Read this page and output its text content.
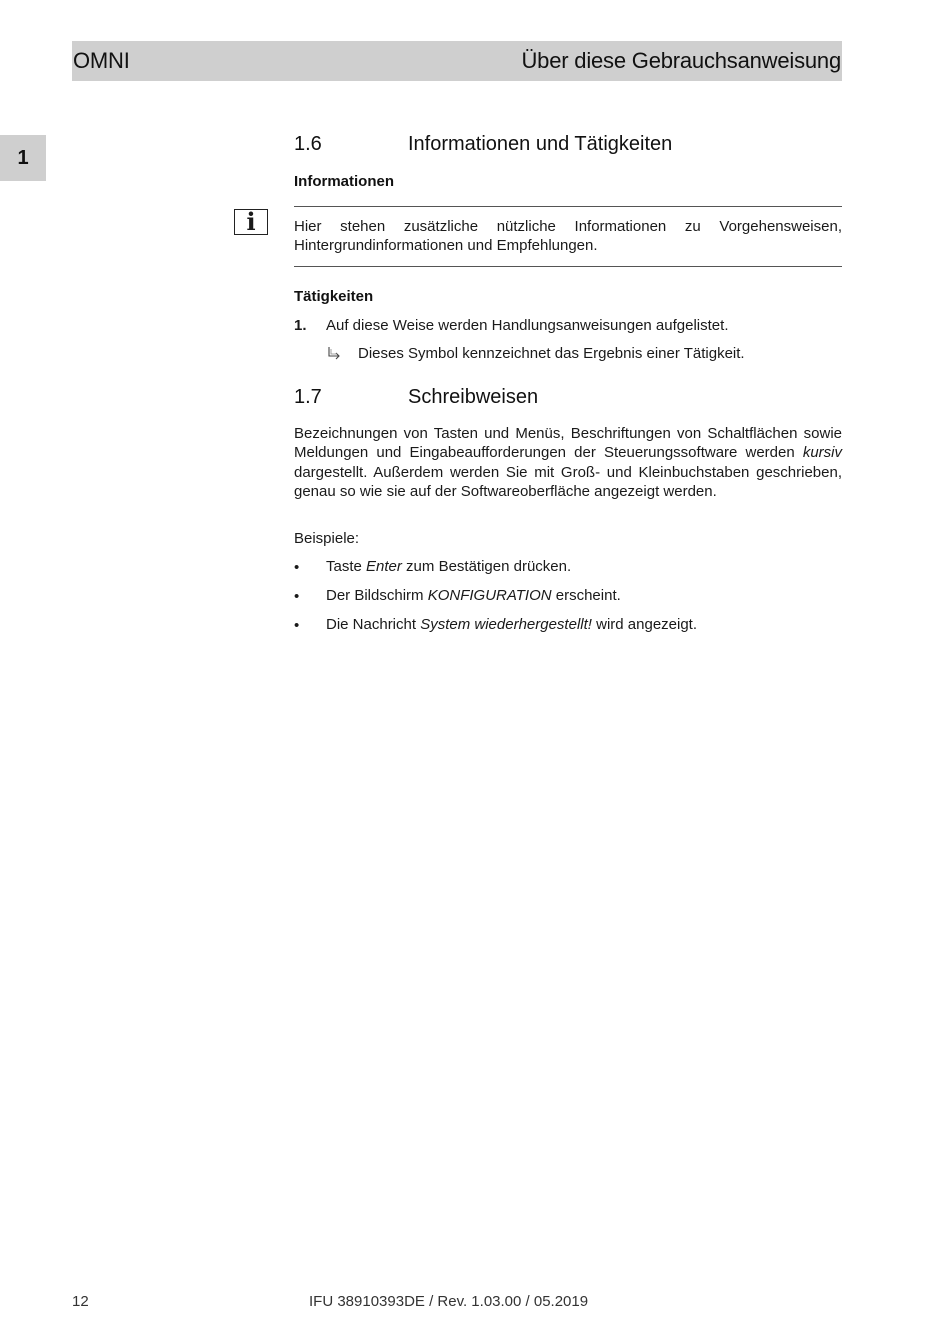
OMNI	Über diese Gebrauchsanweisung
1
1.6	Informationen und Tätigkeiten
Informationen
i	Hier stehen zusätzliche nützliche Informationen zu Vorgehensweisen, Hintergrundinformationen und Empfehlungen.
Tätigkeiten
1. Auf diese Weise werden Handlungsanweisungen aufgelistet.
Dieses Symbol kennzeichnet das Ergebnis einer Tätigkeit.
1.7	Schreibweisen
Bezeichnungen von Tasten und Menüs, Beschriftungen von Schaltflächen sowie Meldungen und Eingabeaufforderungen der Steuerungssoftware werden kursiv dargestellt. Außerdem werden Sie mit Groß- und Kleinbuchstaben geschrieben, genau so wie sie auf der Softwareoberfläche angezeigt werden.
Beispiele:
• Taste Enter zum Bestätigen drücken.
• Der Bildschirm KONFIGURATION erscheint.
• Die Nachricht System wiederhergestellt! wird angezeigt.
12	IFU 38910393DE / Rev. 1.03.00 / 05.2019
